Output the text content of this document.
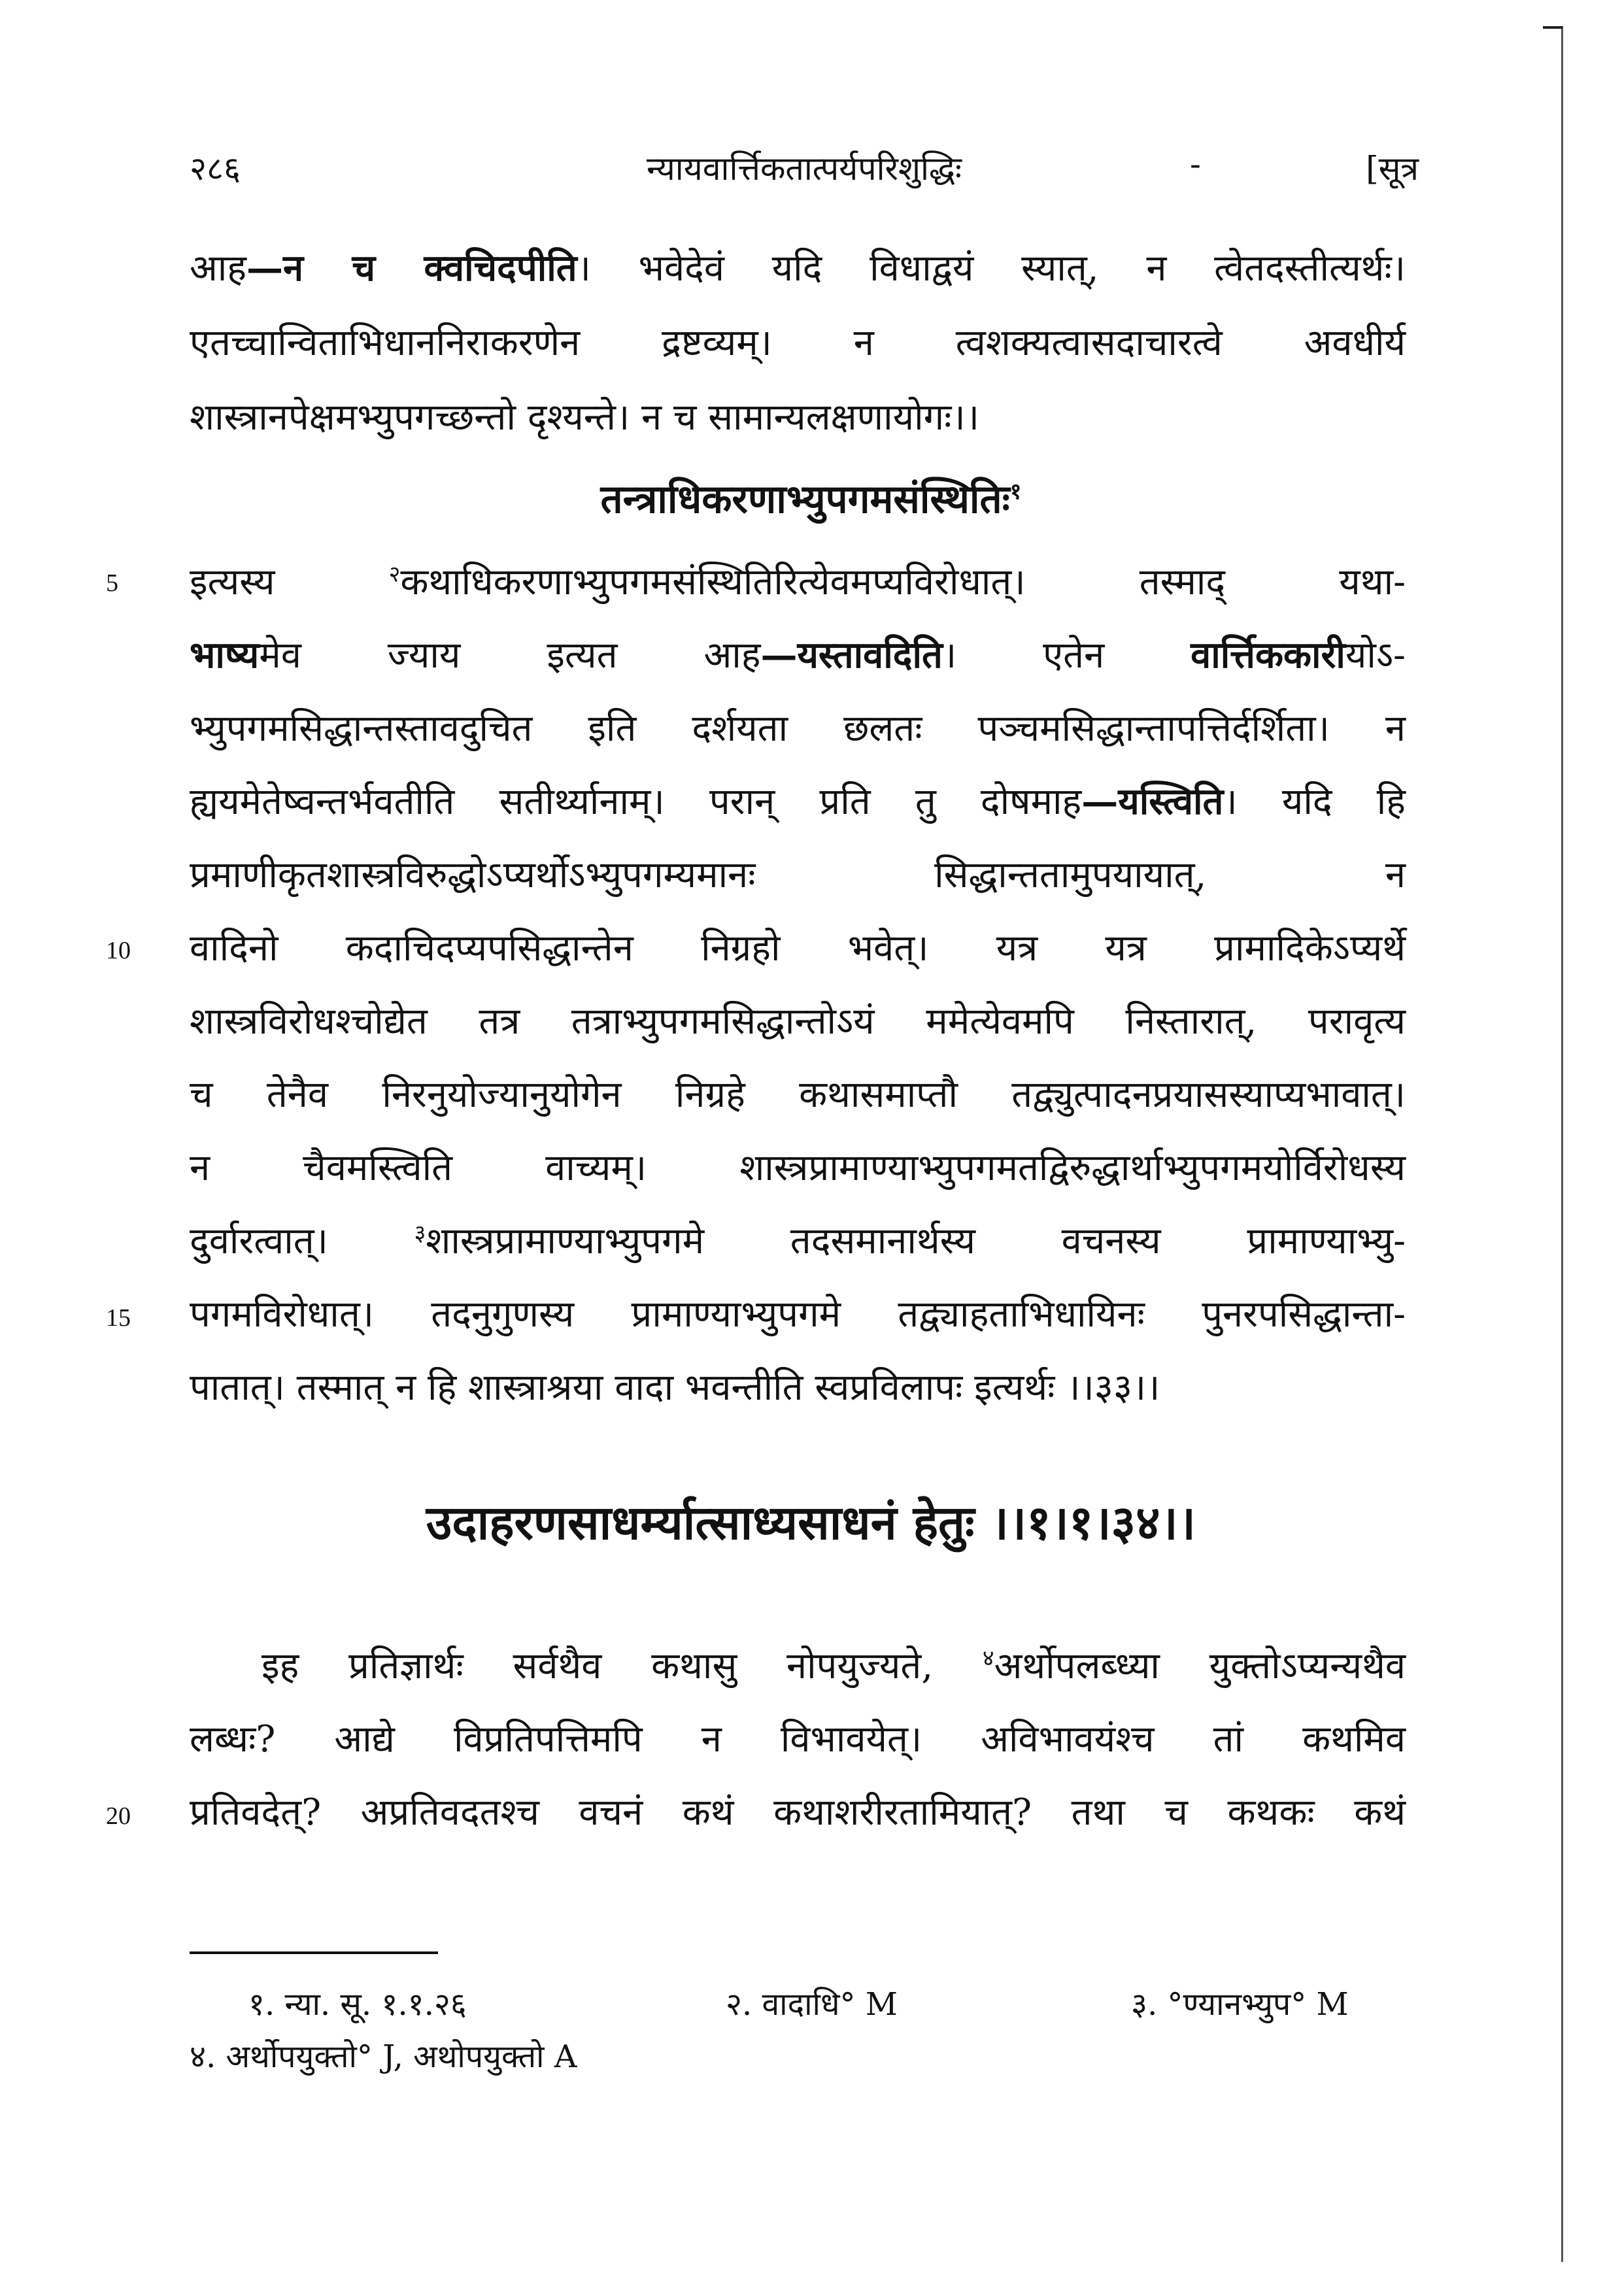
२८६	न्यायवार्त्तिकतात्पर्यपरिशुद्धिः	-	[सूत्र
आह—न च क्वचिदपीति। भवेदेवं यदि विधाद्वयं स्यात्, न त्वेतदस्तीत्यर्थः।
एतच्चान्विताभिधाननिराकरणेन द्रष्टव्यम्। न त्वशक्यत्वासदाचारत्वे अवधीर्य
शास्त्रानपेक्षमभ्युपगच्छन्तो दृश्यन्ते। न च सामान्यलक्षणायोगः।।
तन्त्राधिकरणाभ्युपगमसंस्थितिः$^१$
इत्यस्य $^२$कथाधिकरणाभ्युपगमसंस्थितिरित्येवमप्यविरोधात्। तस्माद् यथा-
भाष्यमेव ज्याय इत्यत आह—यस्तावदिति। एतेन वार्त्तिककारीयोऽ-
भ्युपगमसिद्धान्तस्तावदुचित इति दर्शयता छलतः पञ्चमसिद्धान्तापत्तिर्दर्शिता। न
ह्ययमेतेष्वन्तर्भवतीति सतीर्थ्यानाम्। परान् प्रति तु दोषमाह—यस्त्विति। यदि हि
प्रमाणीकृतशास्त्रविरुद्धोऽप्यर्थोऽभ्युपगम्यमानः सिद्धान्ततामुपयायात्, न
वादिनो कदाचिदप्यपसिद्धान्तेन निग्रहो भवेत्। यत्र यत्र प्रामादिकेऽप्यर्थे
शास्त्रविरोधश्चोद्येत तत्र तत्राभ्युपगमसिद्धान्तोऽयं ममेत्येवमपि निस्तारात्, परावृत्य
च तेनैव निरनुयोज्यानुयोगेन निग्रहे कथासमाप्तौ तद्व्युत्पादनप्रयासस्याप्यभावात्।
न चैवमस्त्विति वाच्यम्। शास्त्रप्रामाण्याभ्युपगमतद्विरुद्धार्थाभ्युपगमयोर्विरोधस्य
दुर्वारत्वात्। $^३$शास्त्रप्रामाण्याभ्युपगमे तदसमानार्थस्य वचनस्य प्रामाण्याभ्यु-
पगमविरोधात्। तदनुगुणस्य प्रामाण्याभ्युपगमे तद्व्याहताभिधायिनः पुनरपसिद्धान्ता-
पातात्। तस्मात् न हि शास्त्राश्रया वादा भवन्तीति स्वप्रविलापः इत्यर्थः ।।३३।।
उदाहरणसाधर्म्यात्साध्यसाधनं हेतुः ।।१।१।३४।।
इह प्रतिज्ञार्थः सर्वथैव कथासु नोपयुज्यते, $^४$अर्थोपलब्ध्या युक्तोऽप्यन्यथैव
लब्धः? आद्ये विप्रतिपत्तिमपि न विभावयेत्। अविभावयंश्च तां कथमिव
प्रतिवदेत्? अप्रतिवदतश्च वचनं कथं कथाशरीरतामियात्? तथा च कथकः कथं
5
10
15
20
१. न्या. सू. १.१.२६	२. वादाधि° M	३. °ण्यानभ्युप° M
४. अर्थोपयुक्तो° J, अथोपयुक्तो A
